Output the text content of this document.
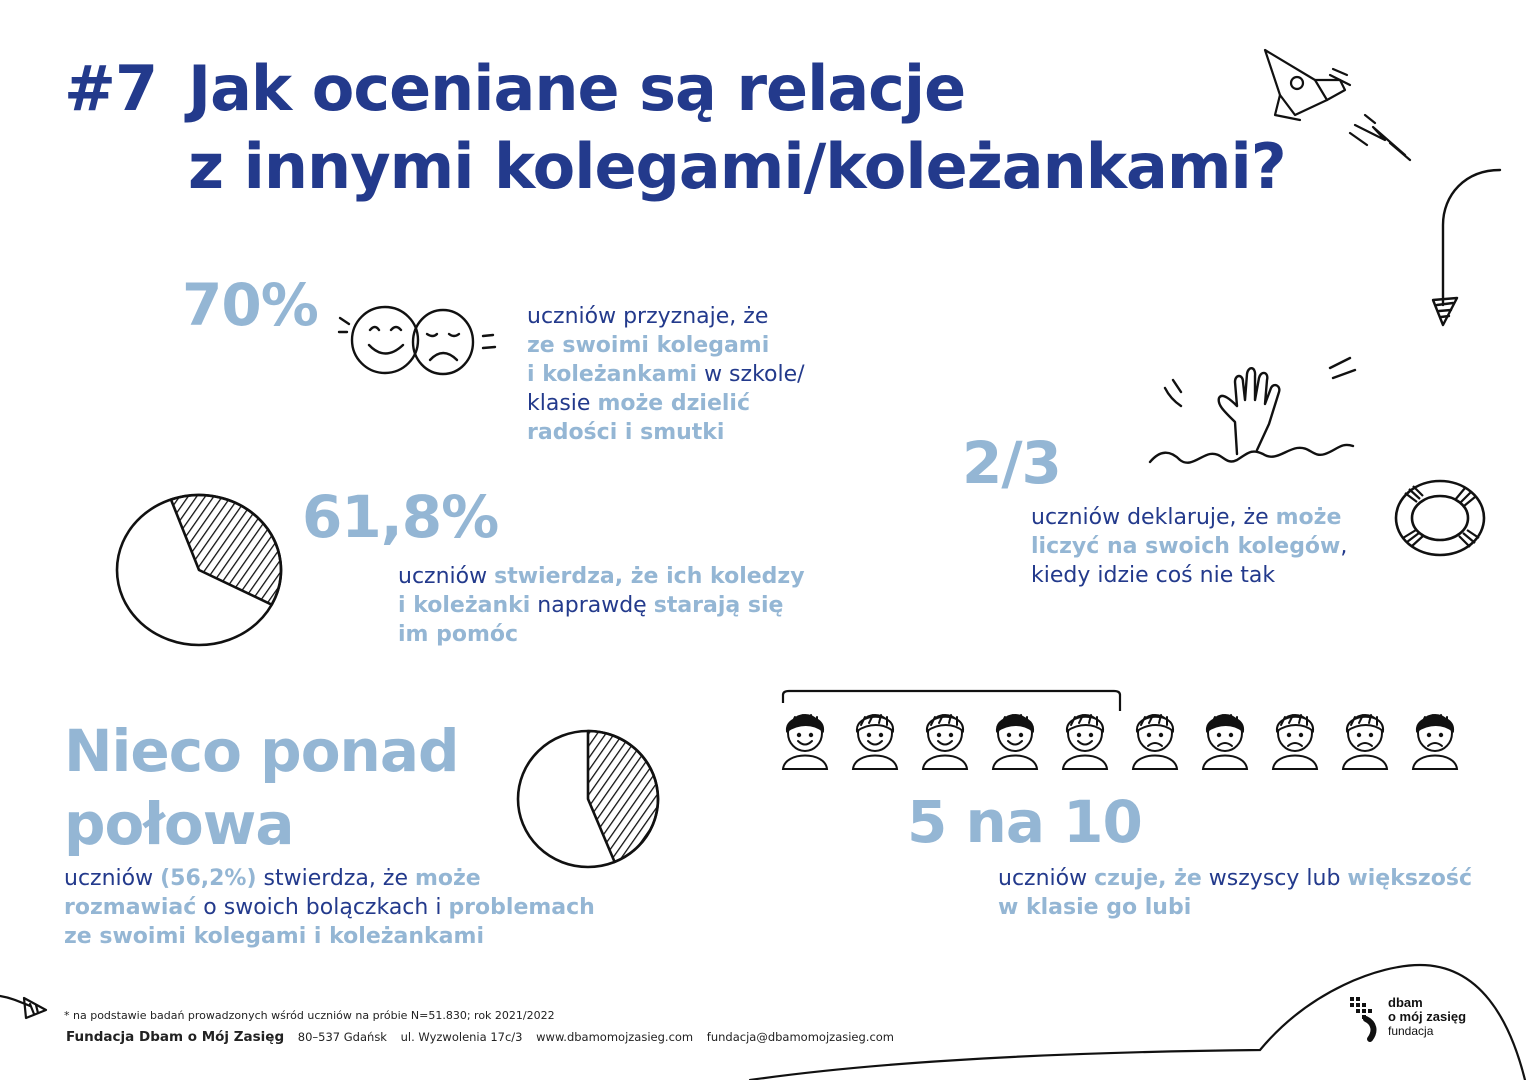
#7 Jak oceniane są relacje
z innymi kolegami/koleżankami?
70%	uczniów przyznaje, że
ze swoimi kolegami
i koleżankami w szkole/
klasie może dzielić
radości i smutki
61,8%
uczniów stwierdza, że ich koledzy
i koleżanki naprawdę starają się
im pomóc
2/3
uczniów deklaruje, że może
liczyć na swoich kolegów,
kiedy idzie coś nie tak
Nieco ponad
połowa
uczniów (56,2%) stwierdza, że może
rozmawiać o swoich bolączkach i problemach
ze swoimi kolegami i koleżankami
5 na 10
uczniów czuje, że wszyscy lub większość
w klasie go lubi
* na podstawie badań prowadzonych wśród uczniów na próbie N=51.830; rok 2021/2022
Fundacja Dbam o Mój Zasięg 80–537 Gdańsk ul. Wyzwolenia 17c/3 www.dbamomojzasieg.com fundacja@dbamomojzasieg.com
dbam
o mój zasięg
fundacja
